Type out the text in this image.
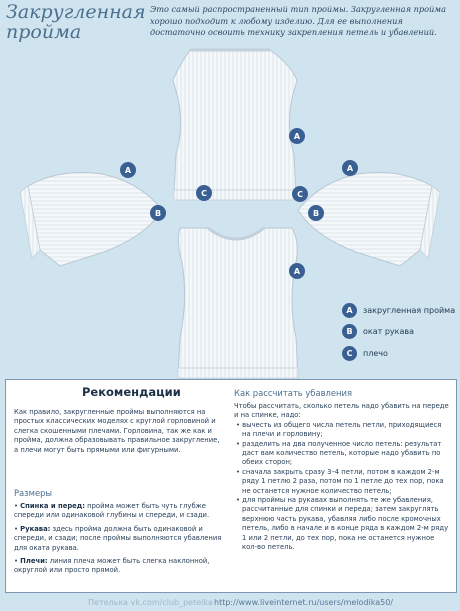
Закругленная
пройма
Это самый распространенный тип проймы. Закругленная пройма хорошо подходит к любому изделию. Для ее выполнения достаточно освоить технику закрепления петель и убавлений.
A
C	C
A
B
A
B
A
A	закругленная пройма
B	окат рукава
C	плечо
Рекомендации

Как правило, закругленные проймы выполняются на простых классических моделях с круглой горловиной и слегка скошенными плечами. Горловина, так же как и пройма, должна образовывать правильное закругление, а плечи могут быть прямыми или фигурными.

Размеры

• Спинка и перед: пройма может быть чуть глубже спереди или одинаковой глубины и спереди, и сзади.

• Рукава: здесь пройма должна быть одинаковой и спереди, и сзади; после проймы выполняются убавления для оката рукава.

• Плечи: линия плеча может быть слегка наклонной, округлой или просто прямой.

Как рассчитать убавления

Чтобы рассчитать, сколько петель надо убавить на переде и на спинке, надо:

• вычесть из общего числа петель петли, приходящиеся на плечи и горловину;

• разделить на два полученное число петель: результат даст вам количество петель, которые надо убавить по обеих сторон;

• сначала закрыть сразу 3–4 петли, потом в каждом 2-м ряду 1 петлю 2 раза, потом по 1 петле до тех пор, пока не останется нужное количество петель;

• для проймы на рукавах выполнять те же убавления, рассчитанные для спинки и переда; затем закруглять верхнюю часть рукава, убавляя либо после кромочных петель, либо в начале и в конце ряда в каждом 2-м ряду 1 или 2 петли, до тех пор, пока не останется нужное кол-во петель.

Петелька vk.com/club_petelka http://www.liveinternet.ru/users/melodika50/
